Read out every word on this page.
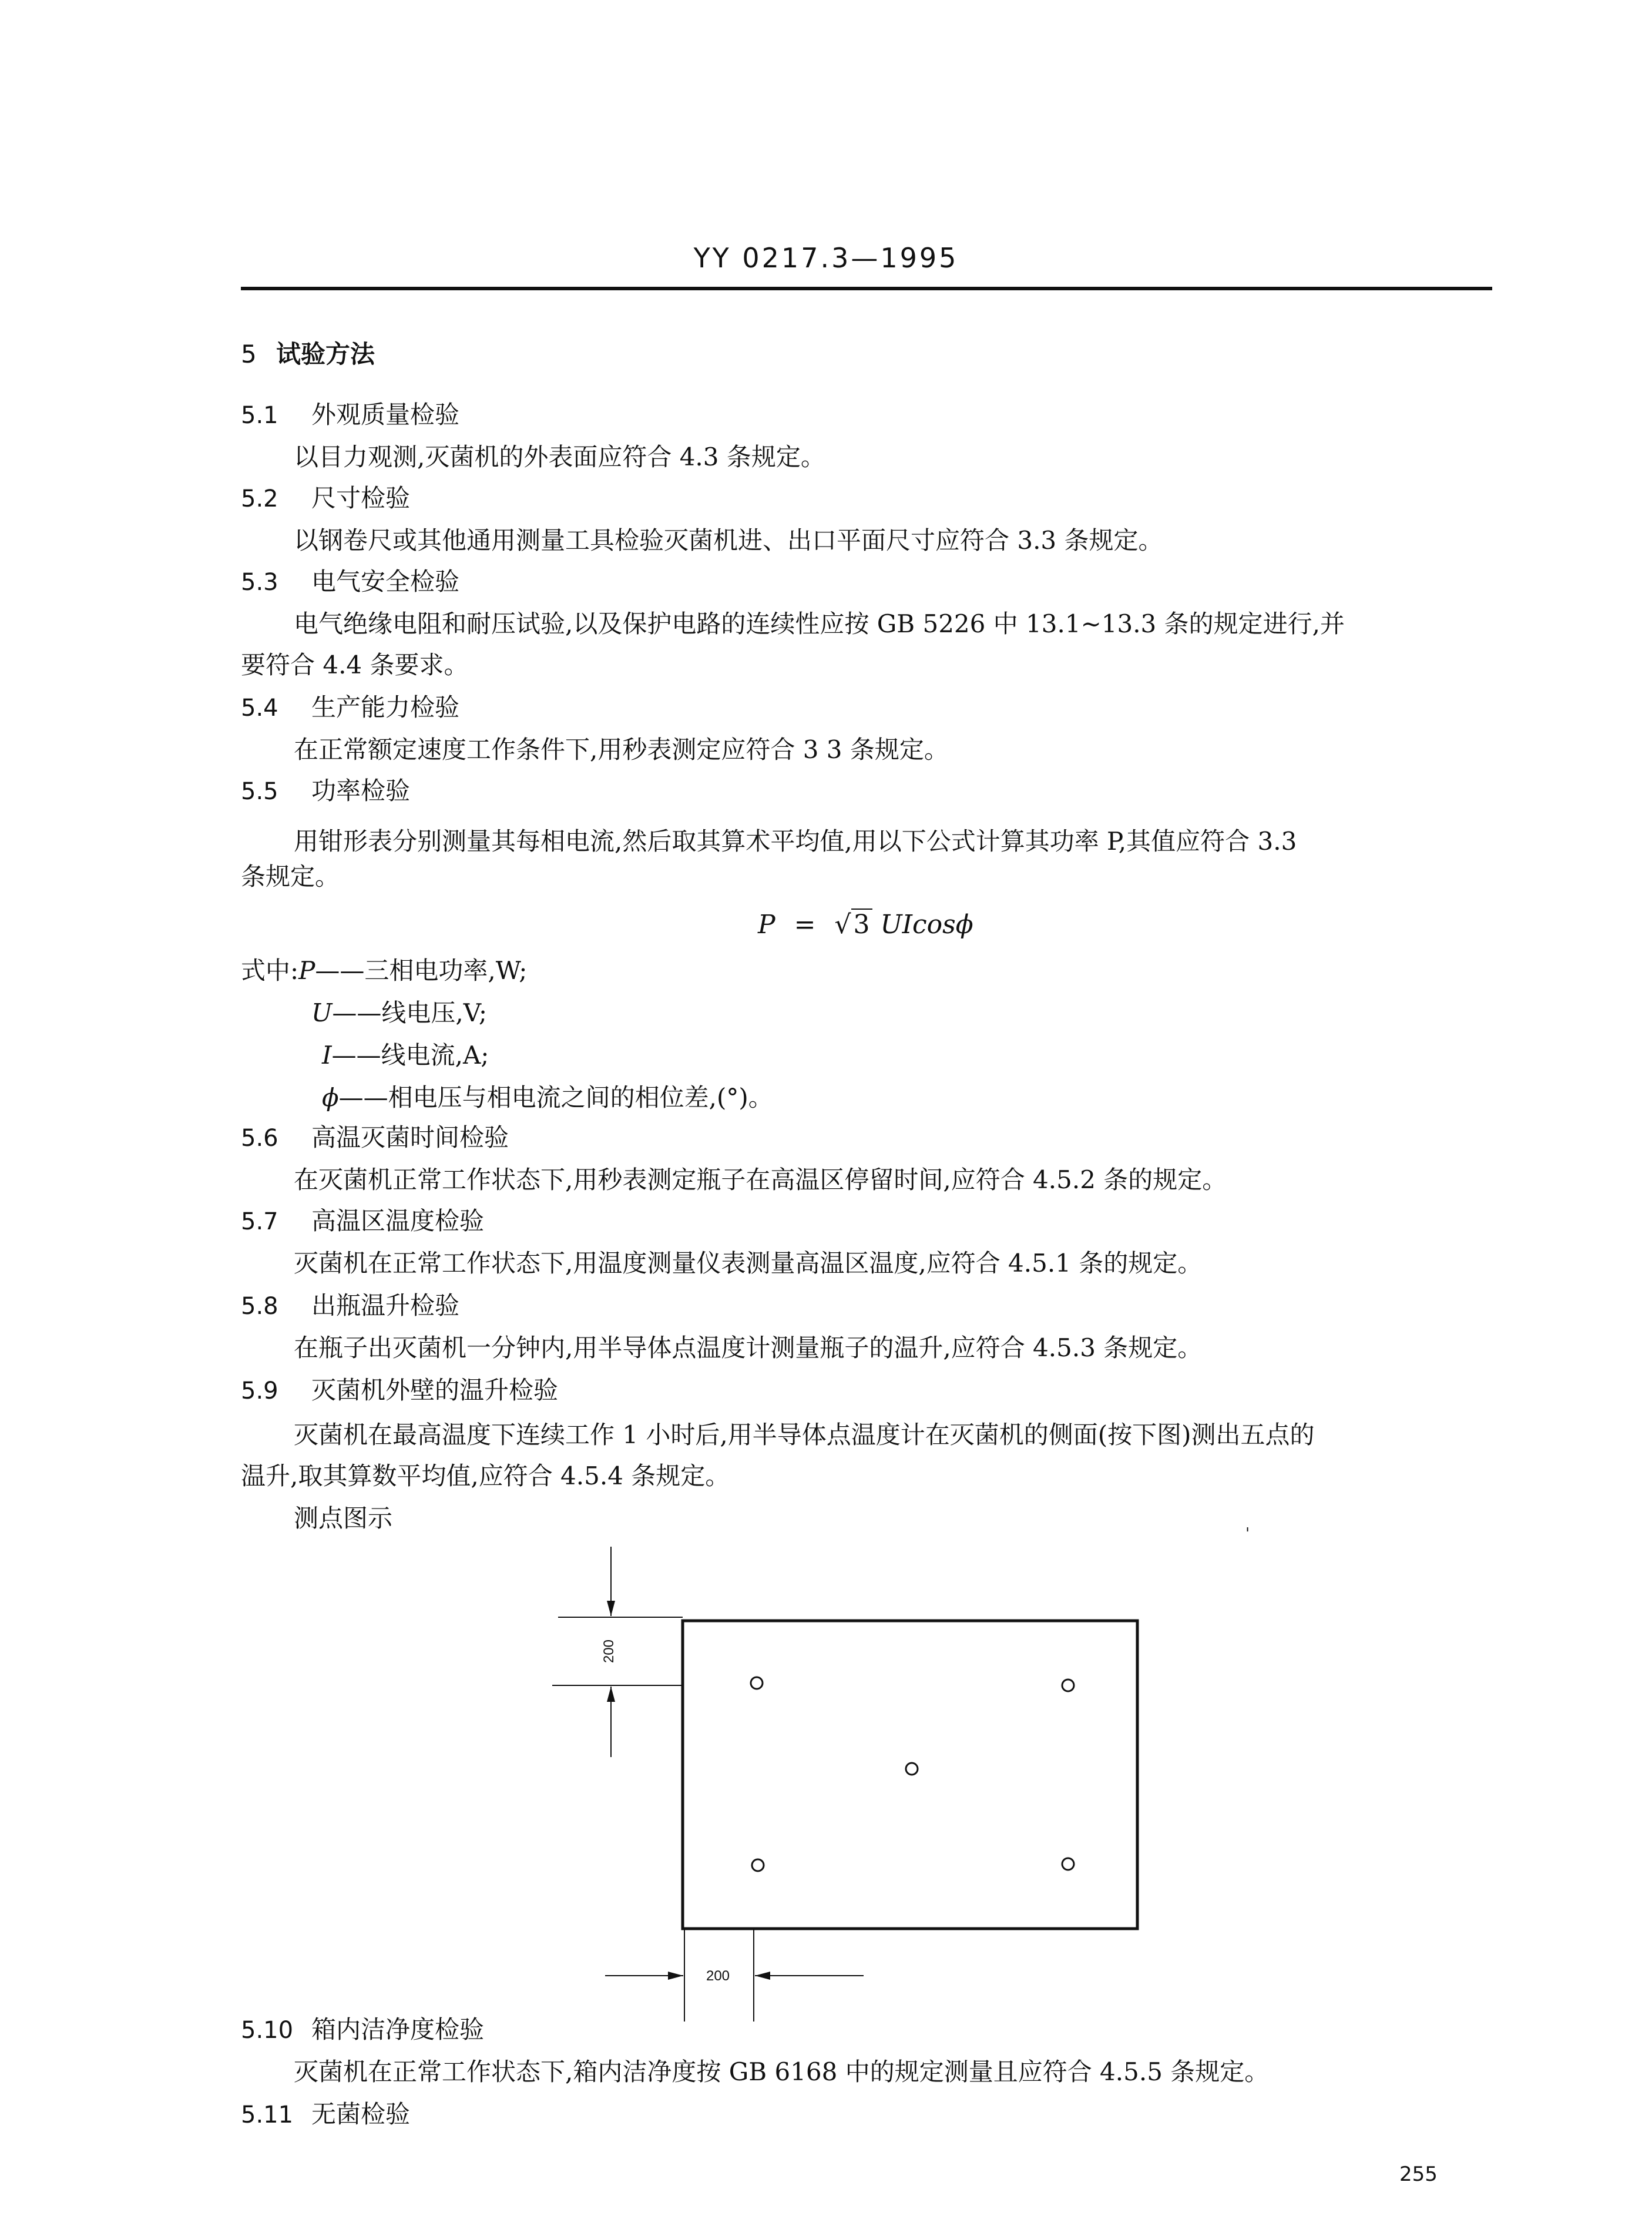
YY 0217.3—1995
5 试验方法
5.1 外观质量检验
以目力观测,灭菌机的外表面应符合 4.3 条规定。
5.2 尺寸检验
以钢卷尺或其他通用测量工具检验灭菌机进、出口平面尺寸应符合 3.3 条规定。
5.3 电气安全检验
电气绝缘电阻和耐压试验,以及保护电路的连续性应按 GB 5226 中 13.1~13.3 条的规定进行,并
要符合 4.4 条要求。
5.4 生产能力检验
在正常额定速度工作条件下,用秒表测定应符合 3 3 条规定。
5.5 功率检验
用钳形表分别测量其每相电流,然后取其算术平均值,用以下公式计算其功率 P,其值应符合 3.3
条规定。
P = √3 UIcosϕ
式中:P——三相电功率,W;
U——线电压,V;
I——线电流,A;
ϕ——相电压与相电流之间的相位差,(°)。
5.6 高温灭菌时间检验
在灭菌机正常工作状态下,用秒表测定瓶子在高温区停留时间,应符合 4.5.2 条的规定。
5.7 高温区温度检验
灭菌机在正常工作状态下,用温度测量仪表测量高温区温度,应符合 4.5.1 条的规定。
5.8 出瓶温升检验
在瓶子出灭菌机一分钟内,用半导体点温度计测量瓶子的温升,应符合 4.5.3 条规定。
5.9 灭菌机外壁的温升检验
灭菌机在最高温度下连续工作 1 小时后,用半导体点温度计在灭菌机的侧面(按下图)测出五点的
温升,取其算数平均值,应符合 4.5.4 条规定。
测点图示
'
200
200
5.10 箱内洁净度检验
灭菌机在正常工作状态下,箱内洁净度按 GB 6168 中的规定测量且应符合 4.5.5 条规定。
5.11 无菌检验
255
